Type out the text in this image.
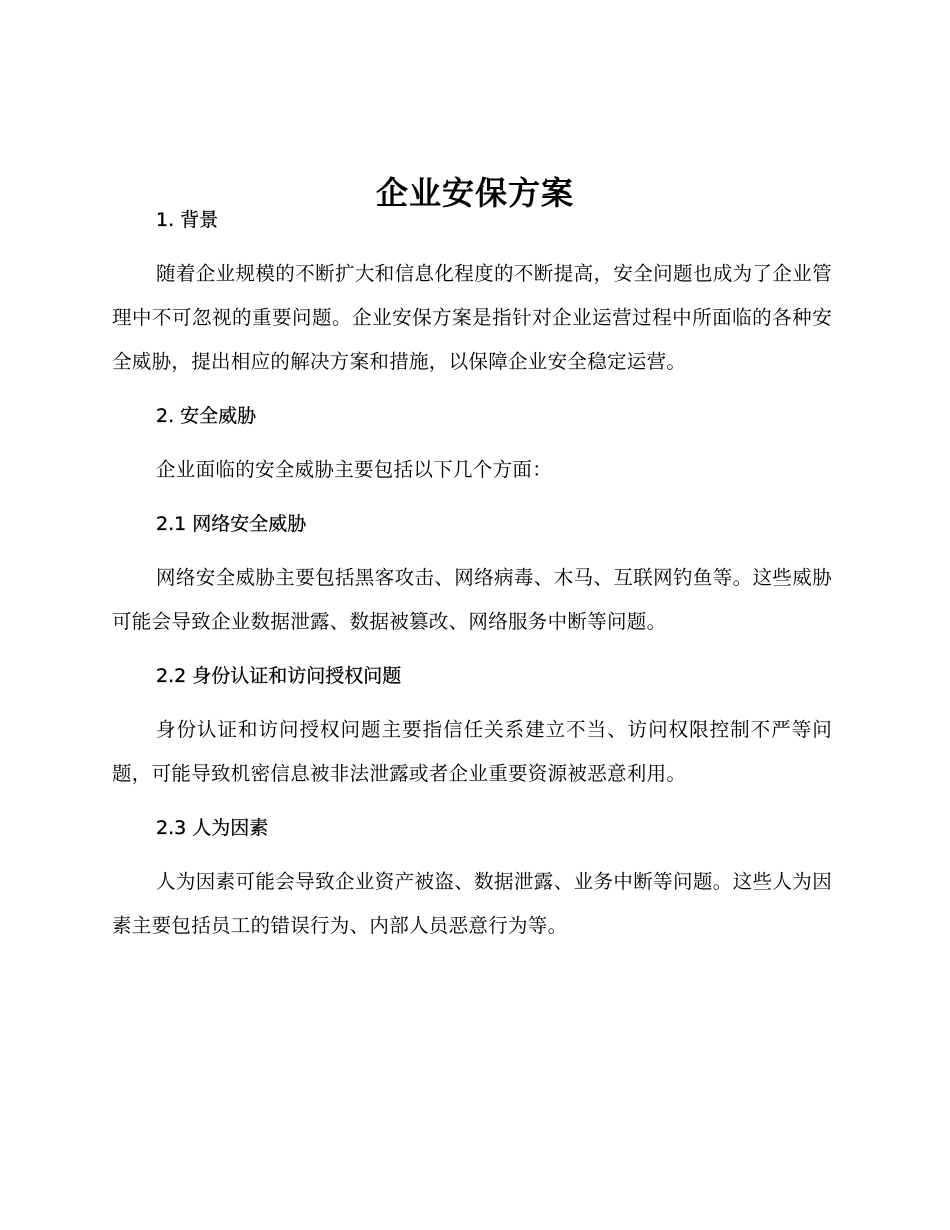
企业安保方案
1. 背景

随着企业规模的不断扩大和信息化程度的不断提高，安全问题也成为了企业管理中不可忽视的重要问题。企业安保方案是指针对企业运营过程中所面临的各种安全威胁，提出相应的解决方案和措施，以保障企业安全稳定运营。

2. 安全威胁

企业面临的安全威胁主要包括以下几个方面：

2.1 网络安全威胁

网络安全威胁主要包括黑客攻击、网络病毒、木马、互联网钓鱼等。这些威胁可能会导致企业数据泄露、数据被篡改、网络服务中断等问题。

2.2 身份认证和访问授权问题

身份认证和访问授权问题主要指信任关系建立不当、访问权限控制不严等问题，可能导致机密信息被非法泄露或者企业重要资源被恶意利用。

2.3 人为因素

人为因素可能会导致企业资产被盗、数据泄露、业务中断等问题。这些人为因素主要包括员工的错误行为、内部人员恶意行为等。
